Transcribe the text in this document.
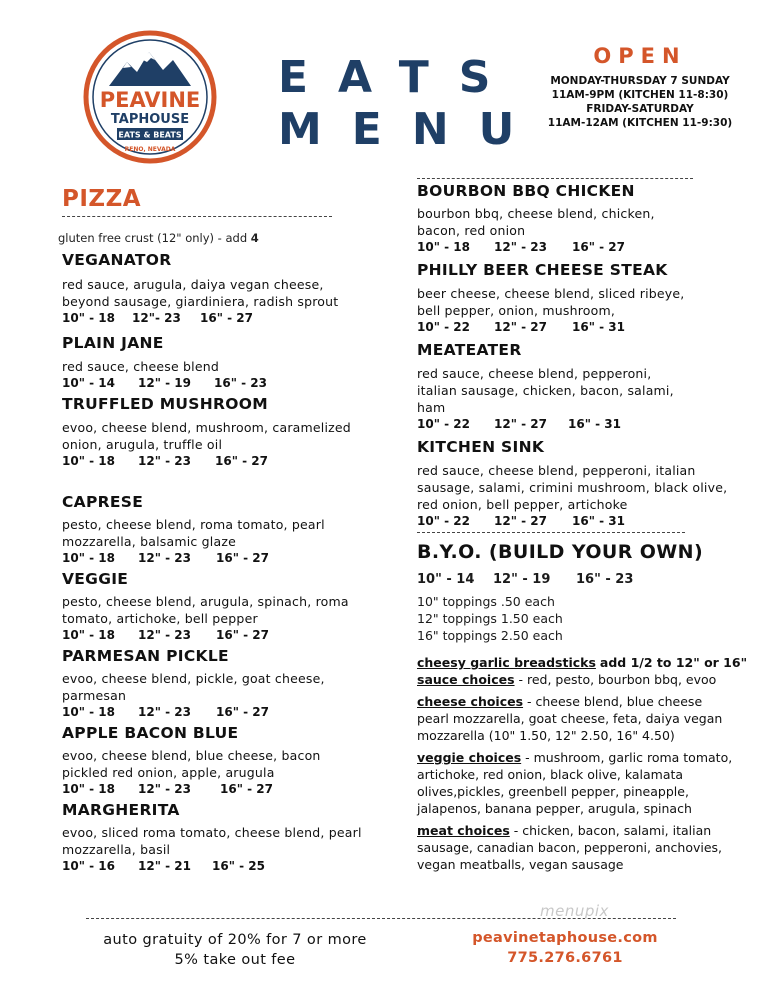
PEAVINE
TAPHOUSE
EATS & BEATS
RENO, NEVADA
EATS
MENU
OPEN
MONDAY-THURSDAY 7 SUNDAY
11AM-9PM (KITCHEN 11-8:30)
FRIDAY-SATURDAY
11AM-12AM (KITCHEN 11-9:30)
PIZZA
gluten free crust (12" only) - add 4
VEGANATOR
red sauce, arugula, daiya vegan cheese, beyond sausage, giardiniera, radish sprout
10" - 18 12"- 23 16" - 27
PLAIN JANE
red sauce, cheese blend
10" - 14 12" - 19 16" - 23
TRUFFLED MUSHROOM
evoo, cheese blend, mushroom, caramelized onion, arugula, truffle oil
10" - 18 12" - 23 16" - 27
CAPRESE
pesto, cheese blend, roma tomato, pearl mozzarella, balsamic glaze
10" - 18 12" - 23 16" - 27
VEGGIE
pesto, cheese blend, arugula, spinach, roma tomato, artichoke, bell pepper
10" - 18 12" - 23 16" - 27
PARMESAN PICKLE
evoo, cheese blend, pickle, goat cheese, parmesan
10" - 18 12" - 23 16" - 27
APPLE BACON BLUE
evoo, cheese blend, blue cheese, bacon pickled red onion, apple, arugula
10" - 18 12" - 23 16" - 27
MARGHERITA
evoo, sliced roma tomato, cheese blend, pearl mozzarella, basil
10" - 16 12" - 21 16" - 25
BOURBON BBQ CHICKEN
bourbon bbq, cheese blend, chicken, bacon, red onion
10" - 18 12" - 23 16" - 27
PHILLY BEER CHEESE STEAK
beer cheese, cheese blend, sliced ribeye, bell pepper, onion, mushroom,
10" - 22 12" - 27 16" - 31
MEATEATER
red sauce, cheese blend, pepperoni, italian sausage, chicken, bacon, salami, ham
10" - 22 12" - 27 16" - 31
KITCHEN SINK
red sauce, cheese blend, pepperoni, italian sausage, salami, crimini mushroom, black olive, red onion, bell pepper, artichoke
10" - 22 12" - 27 16" - 31
B.Y.O. (BUILD YOUR OWN)
10" - 14 12" - 19 16" - 23
10" toppings .50 each
12" toppings 1.50 each
16" toppings 2.50 each
cheesy garlic breadsticks add 1/2 to 12" or 16"
sauce choices - red, pesto, bourbon bbq, evoo
cheese choices - cheese blend, blue cheese pearl mozzarella, goat cheese, feta, daiya vegan mozzarella (10" 1.50, 12" 2.50, 16" 4.50)
veggie choices - mushroom, garlic roma tomato, artichoke, red onion, black olive, kalamata olives,pickles, greenbell pepper, pineapple, jalapenos, banana pepper, arugula, spinach
meat choices - chicken, bacon, salami, italian sausage, canadian bacon, pepperoni, anchovies, vegan meatballs, vegan sausage
menupix
auto gratuity of 20% for 7 or more
5% take out fee
peavinetaphouse.com
775.276.6761
